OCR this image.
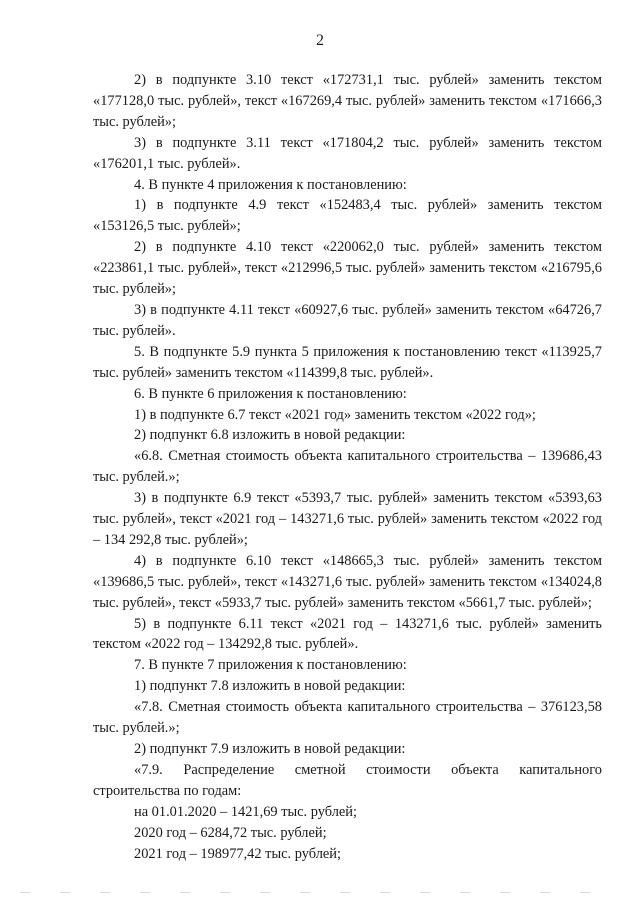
2

2) в подпункте 3.10 текст «172731,1 тыс. рублей» заменить текстом «177128,0 тыс. рублей», текст «167269,4 тыс. рублей» заменить текстом «171666,3 тыс. рублей»;

3) в подпункте 3.11 текст «171804,2 тыс. рублей» заменить текстом «176201,1 тыс. рублей».

4. В пункте 4 приложения к постановлению:

1) в подпункте 4.9 текст «152483,4 тыс. рублей» заменить текстом «153126,5 тыс. рублей»;

2) в подпункте 4.10 текст «220062,0 тыс. рублей» заменить текстом «223861,1 тыс. рублей», текст «212996,5 тыс. рублей» заменить текстом «216795,6 тыс. рублей»;

3) в подпункте 4.11 текст «60927,6 тыс. рублей» заменить текстом «64726,7 тыс. рублей».

5. В подпункте 5.9 пункта 5 приложения к постановлению текст «113925,7 тыс. рублей» заменить текстом «114399,8 тыс. рублей».

6. В пункте 6 приложения к постановлению:

1) в подпункте 6.7 текст «2021 год» заменить текстом «2022 год»;

2) подпункт 6.8 изложить в новой редакции:

«6.8. Сметная стоимость объекта капитального строительства – 139686,43 тыс. рублей.»;

3) в подпункте 6.9 текст «5393,7 тыс. рублей» заменить текстом «5393,63 тыс. рублей», текст «2021 год – 143271,6 тыс. рублей» заменить текстом «2022 год – 134 292,8 тыс. рублей»;

4) в подпункте 6.10 текст «148665,3 тыс. рублей» заменить текстом «139686,5 тыс. рублей», текст «143271,6 тыс. рублей» заменить текстом «134024,8 тыс. рублей», текст «5933,7 тыс. рублей» заменить текстом «5661,7 тыс. рублей»;

5) в подпункте 6.11 текст «2021 год – 143271,6 тыс. рублей» заменить текстом «2022 год – 134292,8 тыс. рублей».

7. В пункте 7 приложения к постановлению:

1) подпункт 7.8 изложить в новой редакции:

«7.8. Сметная стоимость объекта капитального строительства – 376123,58 тыс. рублей.»;

2) подпункт 7.9 изложить в новой редакции:

«7.9. Распределение сметной стоимости объекта капитального строительства по годам:

на 01.01.2020 – 1421,69 тыс. рублей;

2020 год – 6284,72 тыс. рублей;

2021 год – 198977,42 тыс. рублей;
